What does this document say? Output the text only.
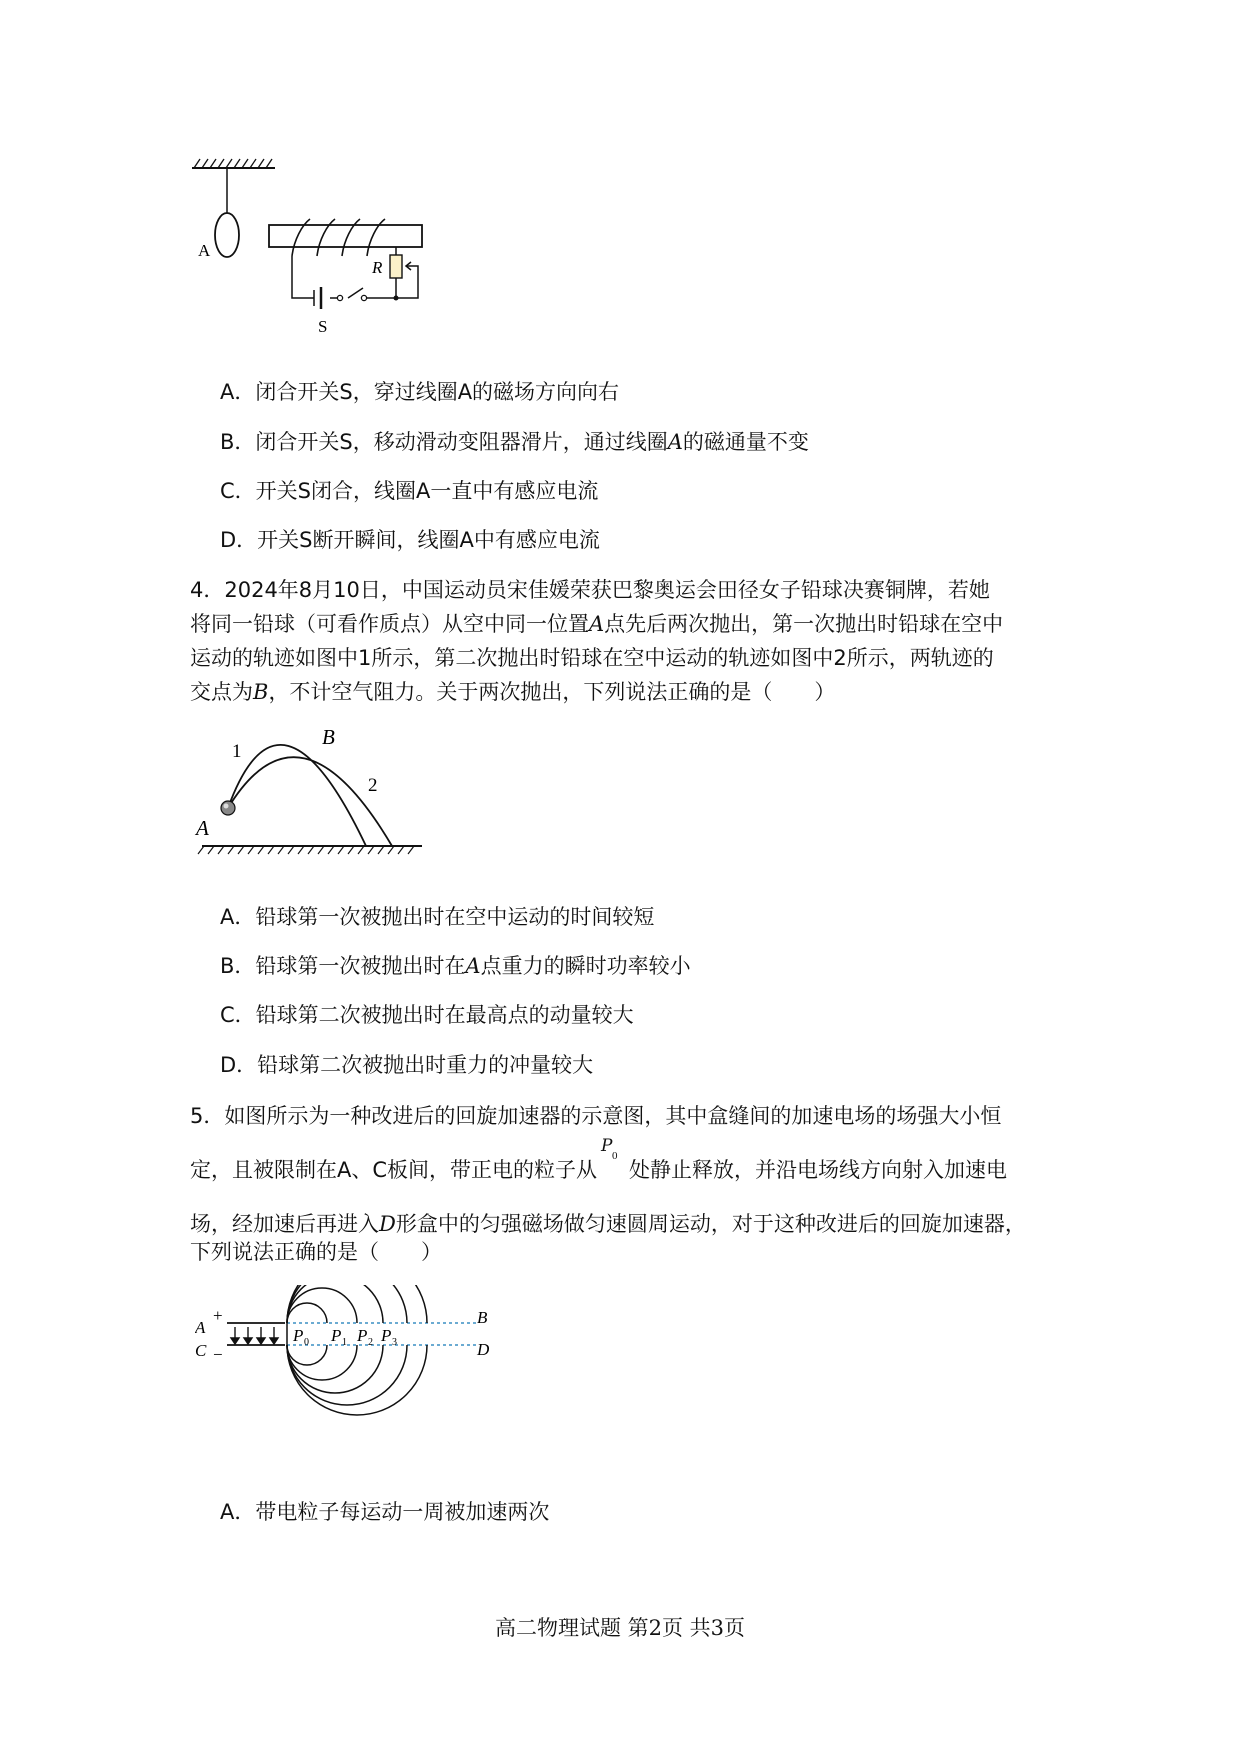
A
R
S
A．闭合开关S，穿过线圈A的磁场方向向右
B．闭合开关S，移动滑动变阻器滑片，通过线圈A的磁通量不变
C．开关S闭合，线圈A一直中有感应电流
D．开关S断开瞬间，线圈A中有感应电流

4．2024年8月10日，中国运动员宋佳媛荣获巴黎奥运会田径女子铅球决赛铜牌，若她

将同一铅球（可看作质点）从空中同一位置A点先后两次抛出，第一次抛出时铅球在空中

运动的轨迹如图中1所示，第二次抛出时铅球在空中运动的轨迹如图中2所示，两轨迹的

交点为B，不计空气阻力。关于两次抛出，下列说法正确的是（　　）

1
2
A
B
A．铅球第一次被抛出时在空中运动的时间较短
B．铅球第一次被抛出时在A点重力的瞬时功率较小
C．铅球第二次被抛出时在最高点的动量较大
D．铅球第二次被抛出时重力的冲量较大
5．如图所示为一种改进后的回旋加速器的示意图，其中盒缝间的加速电场的场强大小恒
定，且被限制在A、C板间，带正电的粒子从
P 0
处静止释放，并沿电场线方向射入加速电
场，经加速后再进入D形盒中的匀强磁场做匀速圆周运动，对于这种改进后的回旋加速器，
下列说法正确的是（　　）
A
C
+
−
B
D
P 0 P 1 P 2 P 3
A．带电粒子每运动一周被加速两次
高二物理试题 第2页 共3页
